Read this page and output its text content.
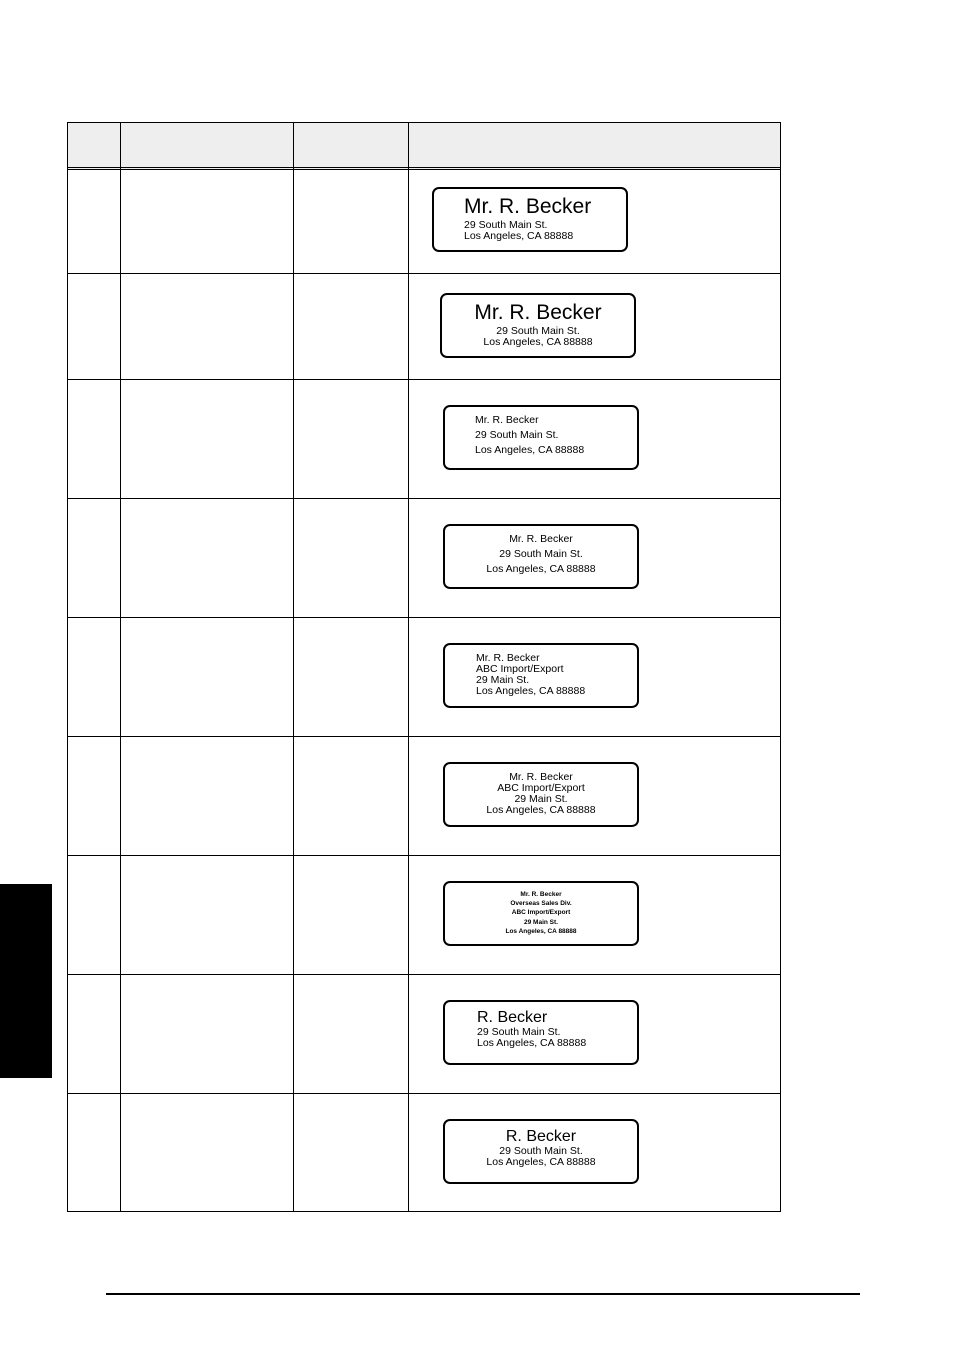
Mr. R. Becker
29 South Main St.
Los Angeles, CA 88888
Mr. R. Becker
29 South Main St.
Los Angeles, CA 88888
Mr. R. Becker
29 South Main St.
Los Angeles, CA 88888
Mr. R. Becker
29 South Main St.
Los Angeles, CA 88888
Mr. R. Becker
ABC Import/Export
29 Main St.
Los Angeles, CA 88888
Mr. R. Becker
ABC Import/Export
29 Main St.
Los Angeles, CA 88888
Mr. R. Becker
Overseas Sales Div.
ABC Import/Export
29 Main St.
Los Angeles, CA 88888
R. Becker
29 South Main St.
Los Angeles, CA 88888
R. Becker
29 South Main St.
Los Angeles, CA 88888
